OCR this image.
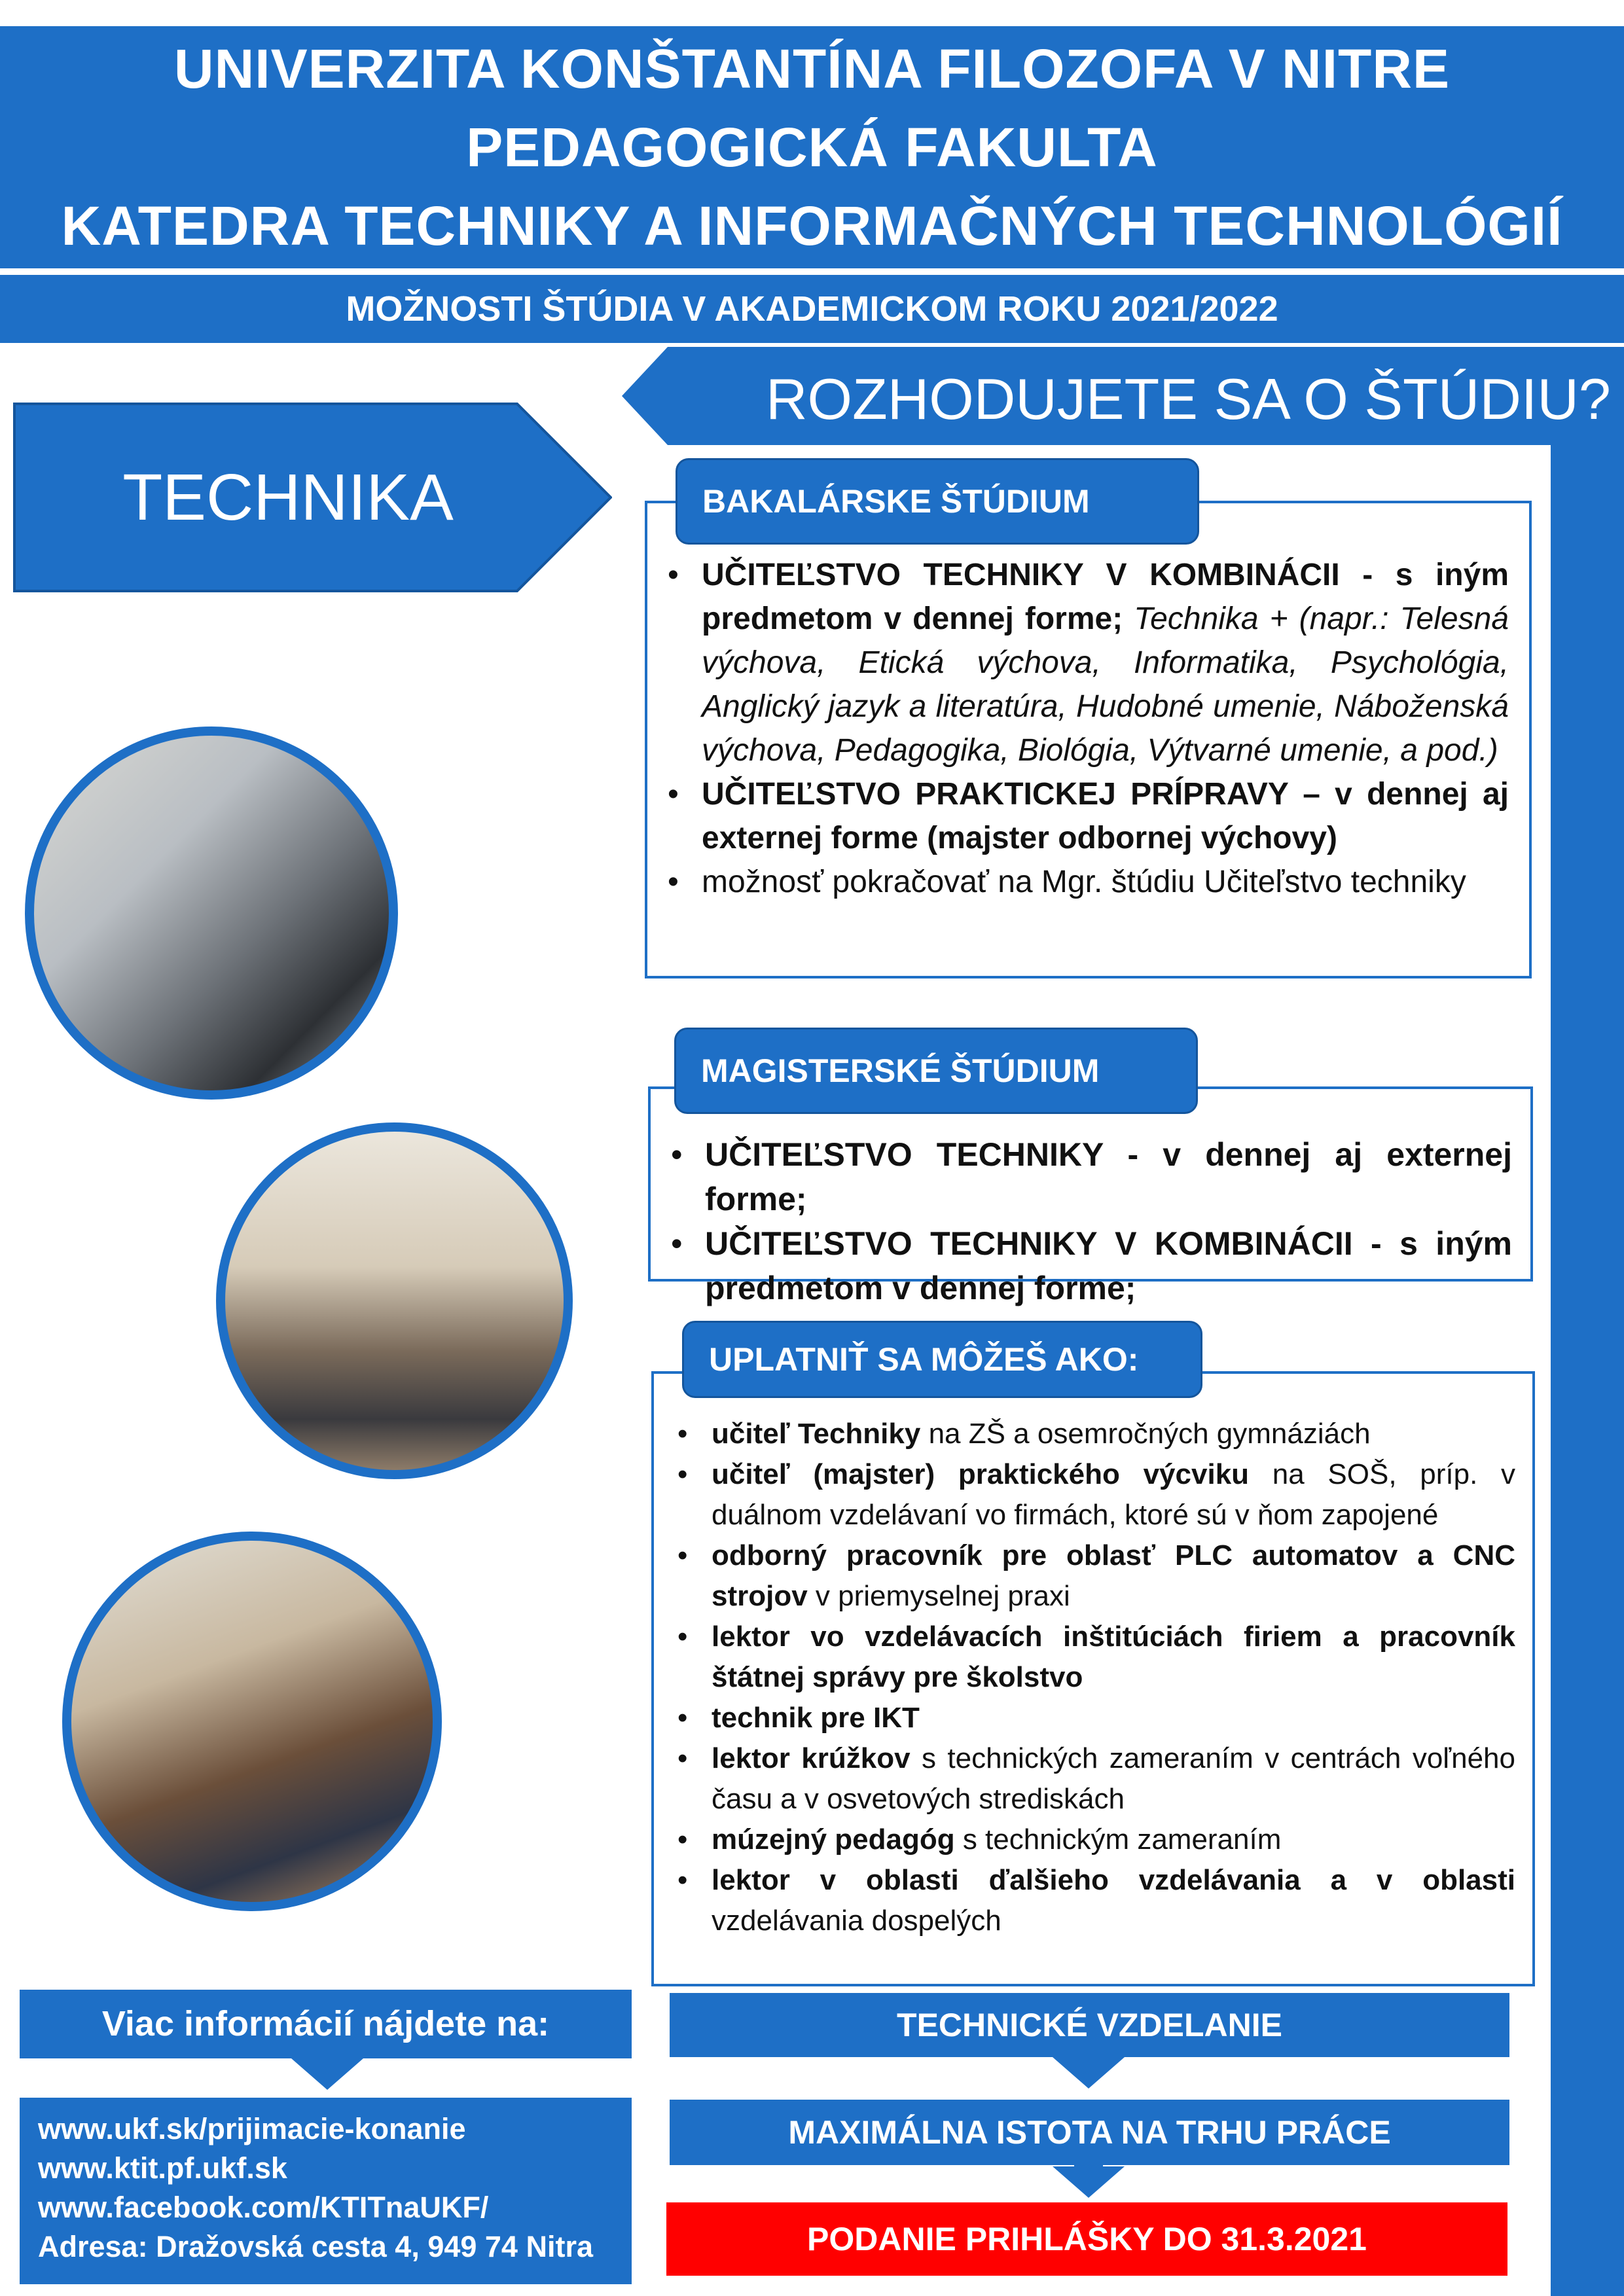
UNIVERZITA KONŠTANTÍNA FILOZOFA V NITRE
PEDAGOGICKÁ FAKULTA
KATEDRA TECHNIKY A INFORMAČNÝCH TECHNOLÓGIÍ
MOŽNOSTI ŠTÚDIA V AKADEMICKOM ROKU 2021/2022
ROZHODUJETE SA O ŠTÚDIU?
TECHNIKA	BAKALÁRSKE ŠTÚDIUM
• UČITEĽSTVO TECHNIKY V KOMBINÁCII - s iným predmetom v dennej forme; Technika + (napr.: Telesná výchova, Etická výchova, Informatika, Psychológia, Anglický jazyk a literatúra, Hudobné umenie, Náboženská výchova, Pedagogika, Biológia, Výtvarné umenie, a pod.)
• UČITEĽSTVO PRAKTICKEJ PRÍPRAVY – v dennej aj externej forme (majster odbornej výchovy)
• možnosť pokračovať na Mgr. štúdiu Učiteľstvo techniky
MAGISTERSKÉ ŠTÚDIUM
• UČITEĽSTVO TECHNIKY - v dennej aj externej forme;
• UČITEĽSTVO TECHNIKY V KOMBINÁCII - s iným predmetom v dennej forme;
UPLATNIŤ SA MÔŽEŠ AKO:
• učiteľ Techniky na ZŠ a osemročných gymnáziách
• učiteľ (majster) praktického výcviku na SOŠ, príp. v duálnom vzdelávaní vo firmách, ktoré sú v ňom zapojené
• odborný pracovník pre oblasť PLC automatov a CNC strojov v priemyselnej praxi
• lektor vo vzdelávacích inštitúciách firiem a pracovník štátnej správy pre školstvo
• technik pre IKT
• lektor krúžkov s technických zameraním v centrách voľného času a v osvetových strediskách
• múzejný pedagóg s technickým zameraním
• lektor v oblasti ďalšieho vzdelávania a v oblasti vzdelávania dospelých
Viac informácií nájdete na:
www.ukf.sk/prijimacie-konanie
www.ktit.pf.ukf.sk
www.facebook.com/KTITnaUKF/
Adresa: Dražovská cesta 4, 949 74 Nitra
TECHNICKÉ VZDELANIE
MAXIMÁLNA ISTOTA NA TRHU PRÁCE
PODANIE PRIHLÁŠKY DO 31.3.2021
